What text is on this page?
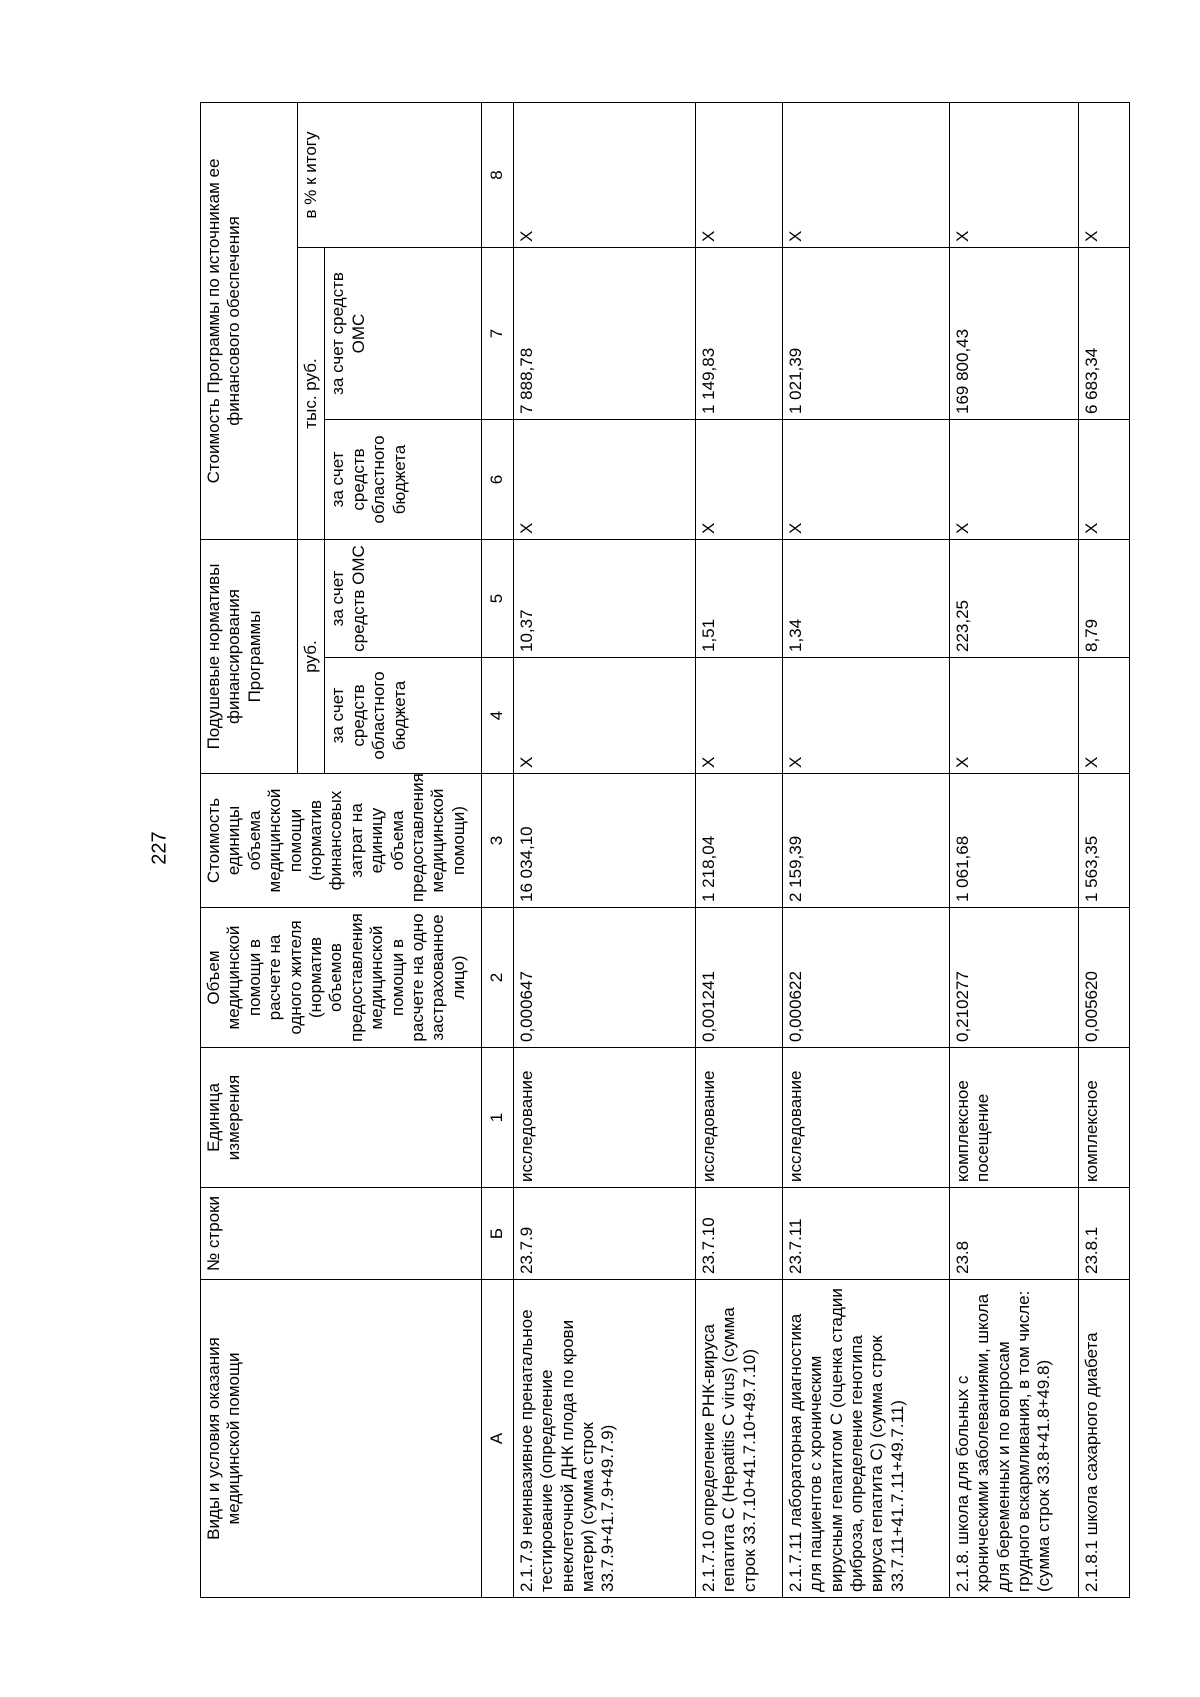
227
Виды и условия оказания медицинской помощи	№ строки	Единица измерения	Объем медицинской помощи в расчете на одного жителя (норматив объемов предоставления медицинской помощи в расчете на одно застрахованное лицо)	Стоимость единицы объема медицинской помощи (норматив финансовых затрат на единицу объема предоставления медицинской помощи)	Подушевые нормативы финансирования Программы		Стоимость Программы по источникам ее финансового обеспечения		
					руб.		тыс. руб.		в % к итогу
					за счет средств областного бюджета	за счет средств ОМС	за счет средств областного бюджета	за счет средств ОМС	
А	Б	1	2	3	4	5	6	7	8
2.1.7.9 неинвазивное пренатальное тестирование (определение внеклеточной ДНК плода по крови матери) (сумма строк 33.7.9+41.7.9+49.7.9)	23.7.9	исследование	0,000647	16 034,10	Х	10,37	Х	7 888,78	Х
2.1.7.10 определение РНК-вируса гепатита С (Hepatitis C virus) (сумма строк 33.7.10+41.7.10+49.7.10)	23.7.10	исследование	0,001241	1 218,04	Х	1,51	Х	1 149,83	Х
2.1.7.11 лабораторная диагностика для пациентов с хроническим вирусным гепатитом С (оценка стадии фиброза, определение генотипа вируса гепатита С) (сумма строк 33.7.11+41.7.11+49.7.11)	23.7.11	исследование	0,000622	2 159,39	Х	1,34	Х	1 021,39	Х
2.1.8. школа для больных с хроническими заболеваниями, школа для беременных и по вопросам грудного вскармливания, в том числе: (сумма строк 33.8+41.8+49.8)	23.8	комплексное посещение	0,210277	1 061,68	Х	223,25	Х	169 800,43	Х
2.1.8.1 школа сахарного диабета	23.8.1	комплексное	0,005620	1 563,35	Х	8,79	Х	6 683,34	Х
